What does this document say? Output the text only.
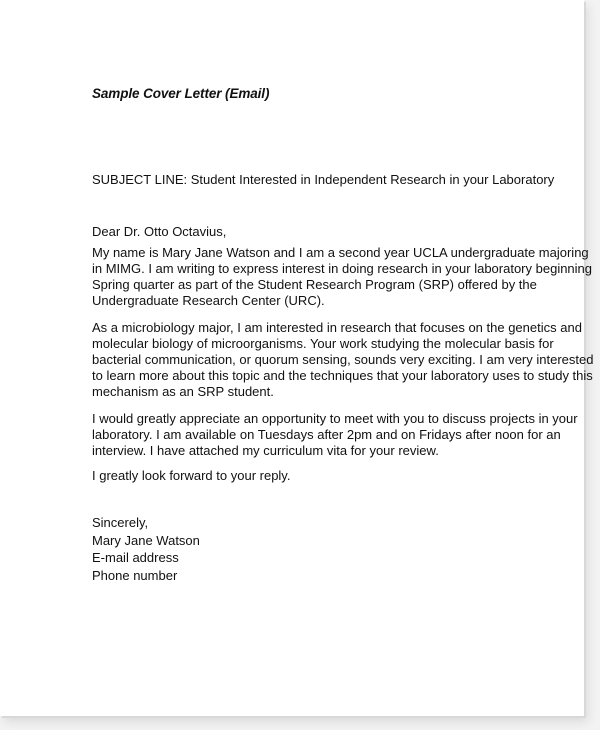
Sample Cover Letter (Email)
SUBJECT LINE: Student Interested in Independent Research in your Laboratory
Dear Dr. Otto Octavius,

My name is Mary Jane Watson and I am a second year UCLA undergraduate majoring
in MIMG. I am writing to express interest in doing research in your laboratory beginning
Spring quarter as part of the Student Research Program (SRP) offered by the
Undergraduate Research Center (URC).

As a microbiology major, I am interested in research that focuses on the genetics and
molecular biology of microorganisms. Your work studying the molecular basis for
bacterial communication, or quorum sensing, sounds very exciting. I am very interested
to learn more about this topic and the techniques that your laboratory uses to study this
mechanism as an SRP student.

I would greatly appreciate an opportunity to meet with you to discuss projects in your
laboratory. I am available on Tuesdays after 2pm and on Fridays after noon for an
interview. I have attached my curriculum vita for your review.

I greatly look forward to your reply.

Sincerely,
Mary Jane Watson
E-mail address
Phone number
